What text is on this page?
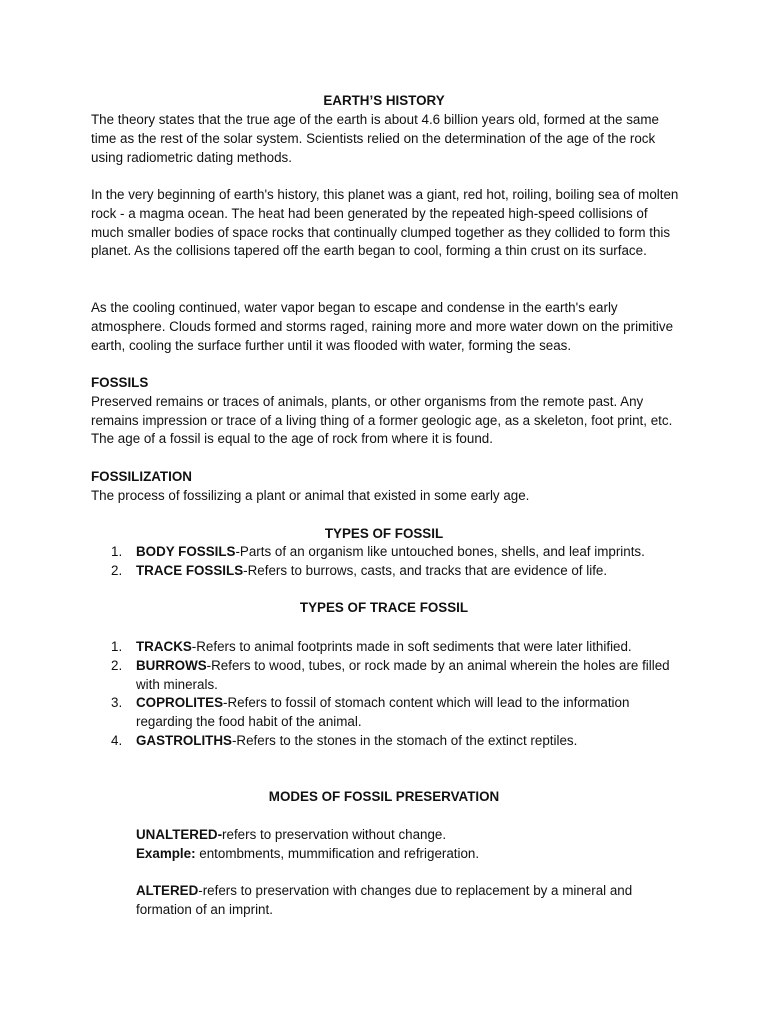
EARTH’S HISTORY

The theory states that the true age of the earth is about 4.6 billion years old, formed at the same time as the rest of the solar system. Scientists relied on the determination of the age of the rock using radiometric dating methods.

In the very beginning of earth's history, this planet was a giant, red hot, roiling, boiling sea of molten rock - a magma ocean. The heat had been generated by the repeated high-speed collisions of much smaller bodies of space rocks that continually clumped together as they collided to form this planet. As the collisions tapered off the earth began to cool, forming a thin crust on its surface.

As the cooling continued, water vapor began to escape and condense in the earth's early atmosphere. Clouds formed and storms raged, raining more and more water down on the primitive earth, cooling the surface further until it was flooded with water, forming the seas.

FOSSILS

Preserved remains or traces of animals, plants, or other organisms from the remote past. Any remains impression or trace of a living thing of a former geologic age, as a skeleton, foot print, etc. The age of a fossil is equal to the age of rock from where it is found.

FOSSILIZATION

The process of fossilizing a plant or animal that existed in some early age.

TYPES OF FOSSIL
1. BODY FOSSILS-Parts of an organism like untouched bones, shells, and leaf imprints.
2. TRACE FOSSILS-Refers to burrows, casts, and tracks that are evidence of life.
TYPES OF TRACE FOSSIL
1. TRACKS-Refers to animal footprints made in soft sediments that were later lithified.
2. BURROWS-Refers to wood, tubes, or rock made by an animal wherein the holes are filled with minerals.
3. COPROLITES-Refers to fossil of stomach content which will lead to the information regarding the food habit of the animal.
4. GASTROLITHS-Refers to the stones in the stomach of the extinct reptiles.
MODES OF FOSSIL PRESERVATION

UNALTERED-refers to preservation without change.

Example: entombments, mummification and refrigeration.

ALTERED-refers to preservation with changes due to replacement by a mineral and formation of an imprint.
